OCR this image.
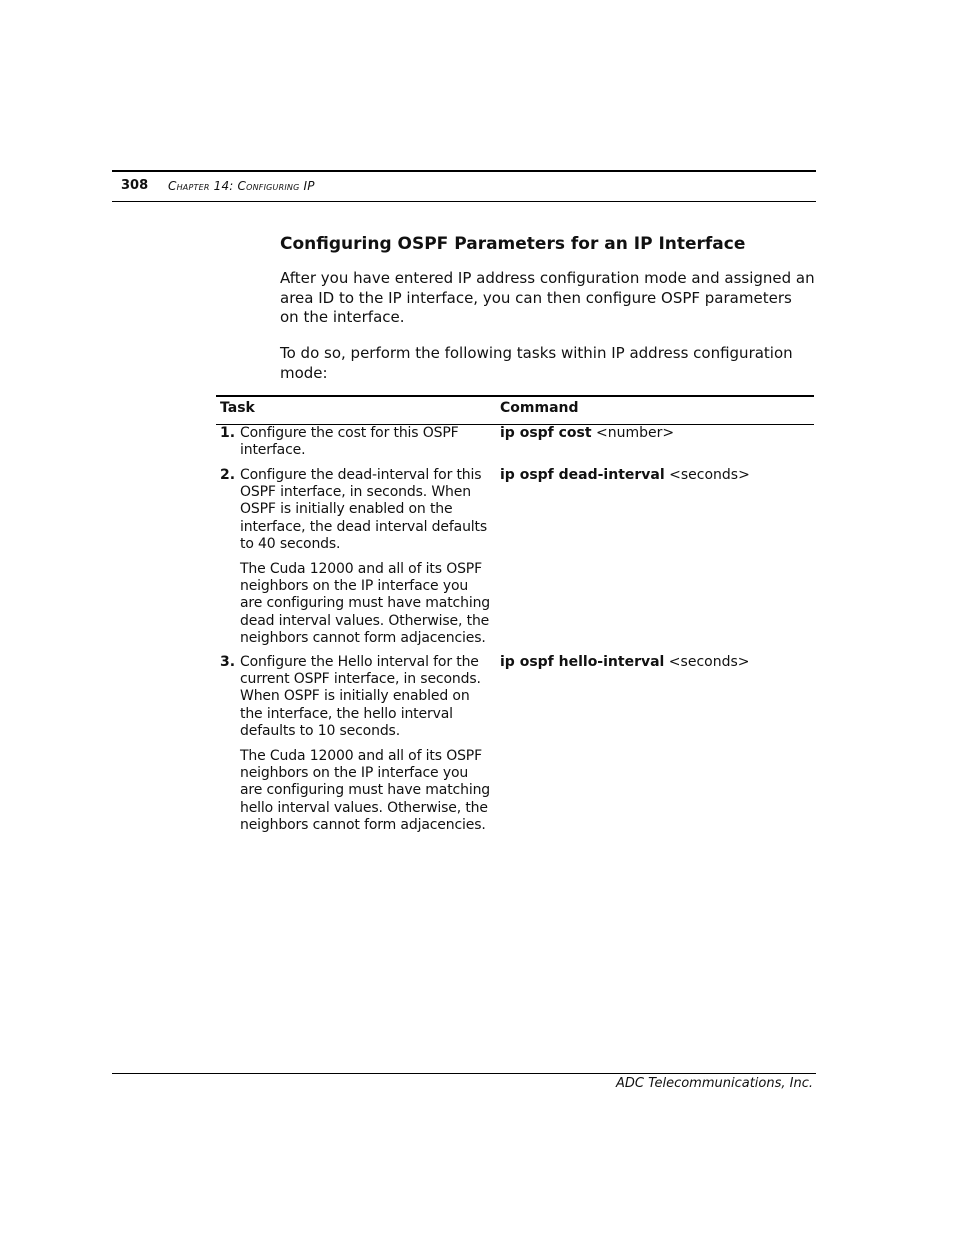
308 Chapter 14: Configuring IP
Configuring OSPF Parameters for an IP Interface

After you have entered IP address configuration mode and assigned an area ID to the IP interface, you can then configure OSPF parameters on the interface.

To do so, perform the following tasks within IP address configuration mode:

Task	Command
1. Configure the cost for this OSPF interface.

ip ospf cost <number>
2. Configure the dead-interval for this OSPF interface, in seconds. When OSPF is initially enabled on the interface, the dead interval defaults to 40 seconds.

The Cuda 12000 and all of its OSPF neighbors on the IP interface you are configuring must have matching dead interval values. Otherwise, the neighbors cannot form adjacencies.

ip ospf dead-interval <seconds>
3. Configure the Hello interval for the current OSPF interface, in seconds. When OSPF is initially enabled on the interface, the hello interval defaults to 10 seconds.

The Cuda 12000 and all of its OSPF neighbors on the IP interface you are configuring must have matching hello interval values. Otherwise, the neighbors cannot form adjacencies.

ip ospf hello-interval <seconds>
ADC Telecommunications, Inc.
